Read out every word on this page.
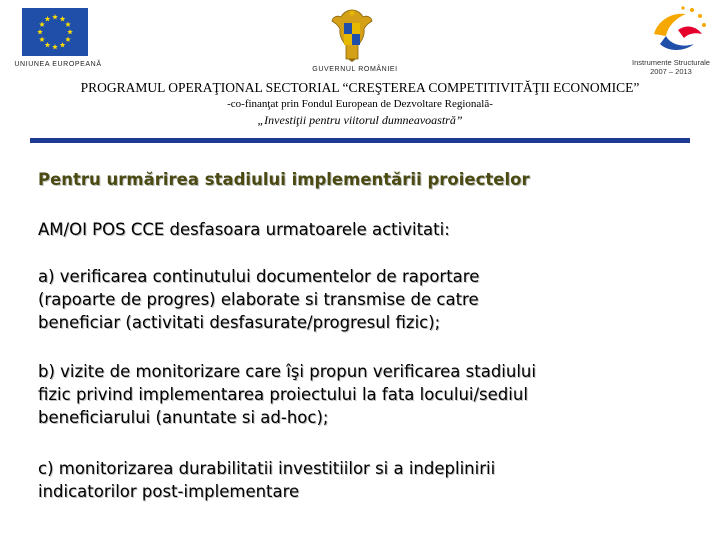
UNIUNEA EUROPEANĂ
GUVERNUL ROMÂNIEI
Instrumente Structurale
2007 – 2013
PROGRAMUL OPERAŢIONAL SECTORIAL “CREŞTEREA COMPETITIVITĂŢII ECONOMICE”
-co-finanţat prin Fondul European de Dezvoltare Regională-
„Investiţii pentru viitorul dumneavoastră”

Pentru urmărirea stadiului implementării proiectelor

AM/OI POS CCE desfasoara urmatoarele activitati:

a) verificarea continutului documentelor de raportare
(rapoarte de progres) elaborate si transmise de catre
beneficiar (activitati desfasurate/progresul fizic);

b) vizite de monitorizare care îşi propun verificarea stadiului
fizic privind implementarea proiectului la fata locului/sediul
beneficiarului (anuntate si ad-hoc);

c) monitorizarea durabilitatii investitiilor si a indeplinirii
indicatorilor post-implementare
